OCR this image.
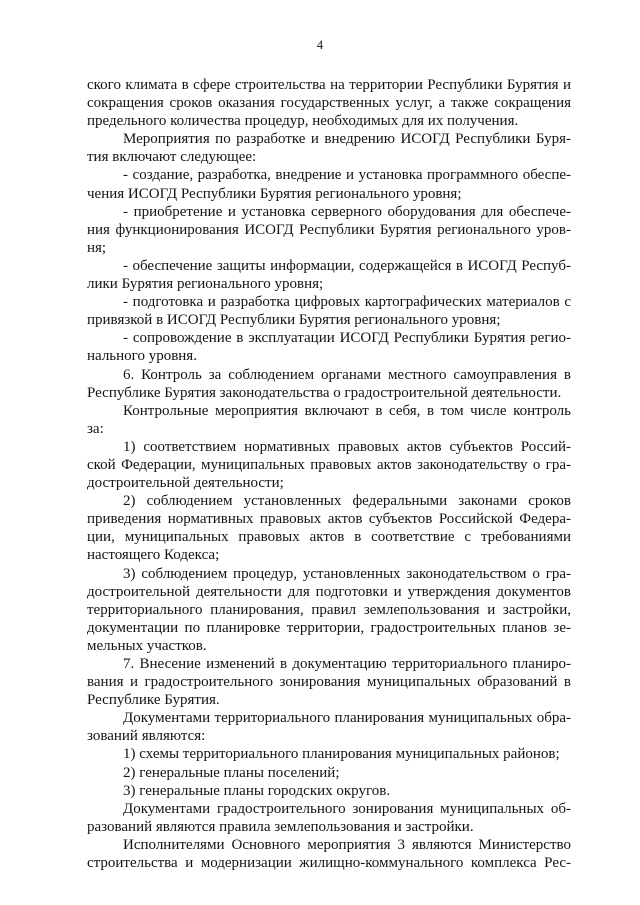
4
ского климата в сфере строительства на территории Республики Бурятия и
сокращения сроков оказания государственных услуг, а также сокращения
предельного количества процедур, необходимых для их получения.
Мероприятия по разработке и внедрению ИСОГД Республики Буря-
тия включают следующее:
- создание, разработка, внедрение и установка программного обеспе-
чения ИСОГД Республики Бурятия регионального уровня;
- приобретение и установка серверного оборудования для обеспече-
ния функционирования ИСОГД Республики Бурятия регионального уров-
ня;
- обеспечение защиты информации, содержащейся в ИСОГД Респуб-
лики Бурятия регионального уровня;
- подготовка и разработка цифровых картографических материалов с
привязкой в ИСОГД Республики Бурятия регионального уровня;
- сопровождение в эксплуатации ИСОГД Республики Бурятия регио-
нального уровня.
6. Контроль за соблюдением органами местного самоуправления в
Республике Бурятия законодательства о градостроительной деятельности.
Контрольные мероприятия включают в себя, в том числе контроль
за:
1) соответствием нормативных правовых актов субъектов Россий-
ской Федерации, муниципальных правовых актов законодательству о гра-
достроительной деятельности;
2) соблюдением установленных федеральными законами сроков
приведения нормативных правовых актов субъектов Российской Федера-
ции, муниципальных правовых актов в соответствие с требованиями
настоящего Кодекса;
3) соблюдением процедур, установленных законодательством о гра-
достроительной деятельности для подготовки и утверждения документов
территориального планирования, правил землепользования и застройки,
документации по планировке территории, градостроительных планов зе-
мельных участков.
7. Внесение изменений в документацию территориального планиро-
вания и градостроительного зонирования муниципальных образований в
Республике Бурятия.
Документами территориального планирования муниципальных обра-
зований являются:
1) схемы территориального планирования муниципальных районов;
2) генеральные планы поселений;
3) генеральные планы городских округов.
Документами градостроительного зонирования муниципальных об-
разований являются правила землепользования и застройки.
Исполнителями Основного мероприятия 3 являются Министерство
строительства и модернизации жилищно-коммунального комплекса Рес-
